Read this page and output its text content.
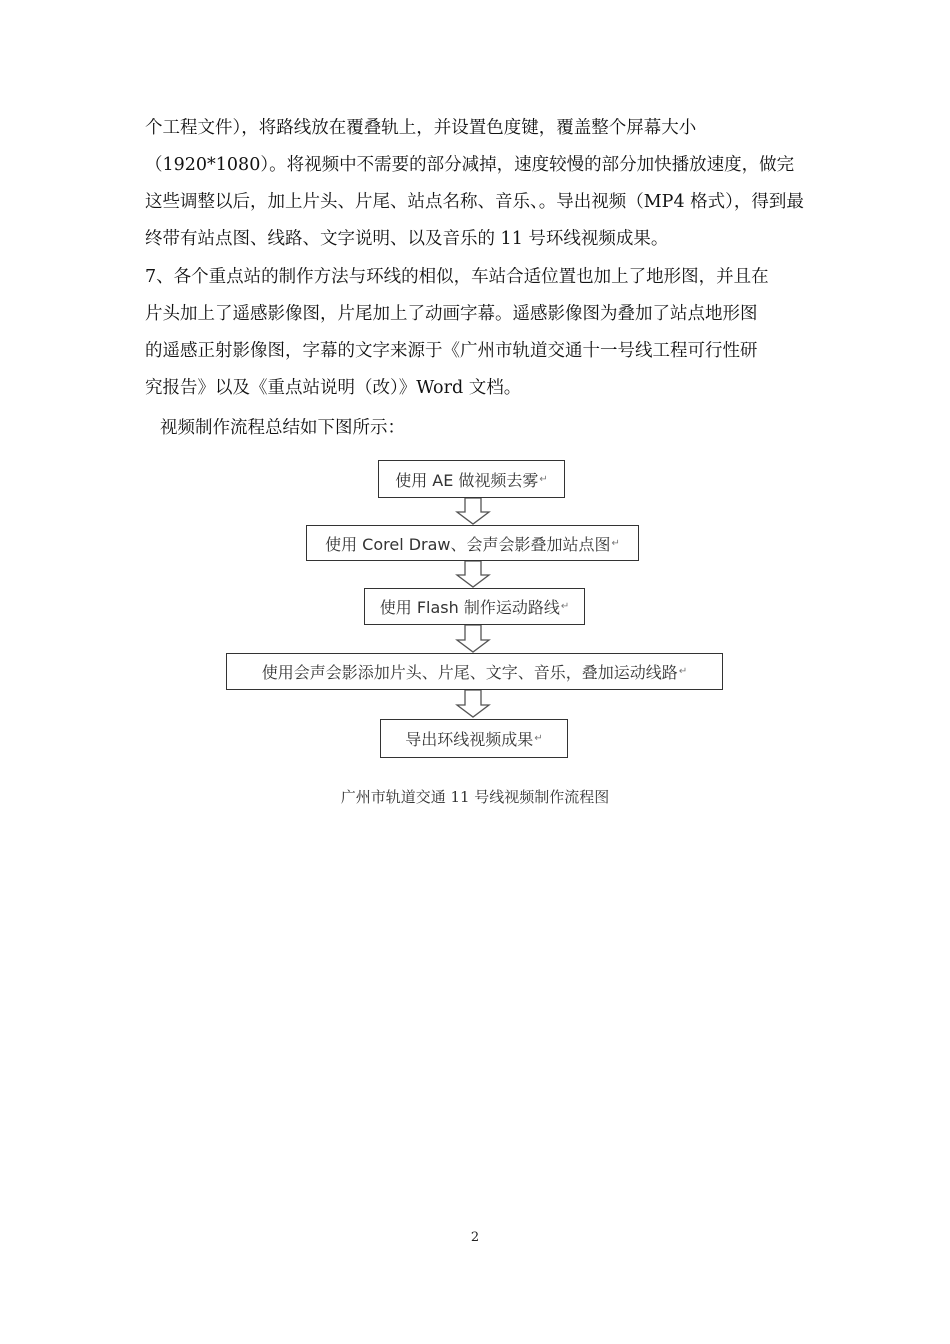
个工程文件），将路线放在覆叠轨上，并设置色度键，覆盖整个屏幕大小
（1920*1080）。将视频中不需要的部分减掉，速度较慢的部分加快播放速度，做完
这些调整以后，加上片头、片尾、站点名称、音乐、。导出视频（MP4 格式），得到最
终带有站点图、线路、文字说明、以及音乐的 11 号环线视频成果。
7、各个重点站的制作方法与环线的相似，车站合适位置也加上了地形图，并且在
片头加上了遥感影像图，片尾加上了动画字幕。遥感影像图为叠加了站点地形图
的遥感正射影像图，字幕的文字来源于《广州市轨道交通十一号线工程可行性研
究报告》以及《重点站说明（改）》Word 文档。
视频制作流程总结如下图所示：
使用 AE 做视频去雾 ↵
使用 Corel Draw、会声会影叠加站点图 ↵
使用 Flash 制作运动路线 ↵
使用会声会影添加片头、片尾、文字、音乐，叠加运动线路 ↵
导出环线视频成果 ↵
广州市轨道交通 11 号线视频制作流程图
2
